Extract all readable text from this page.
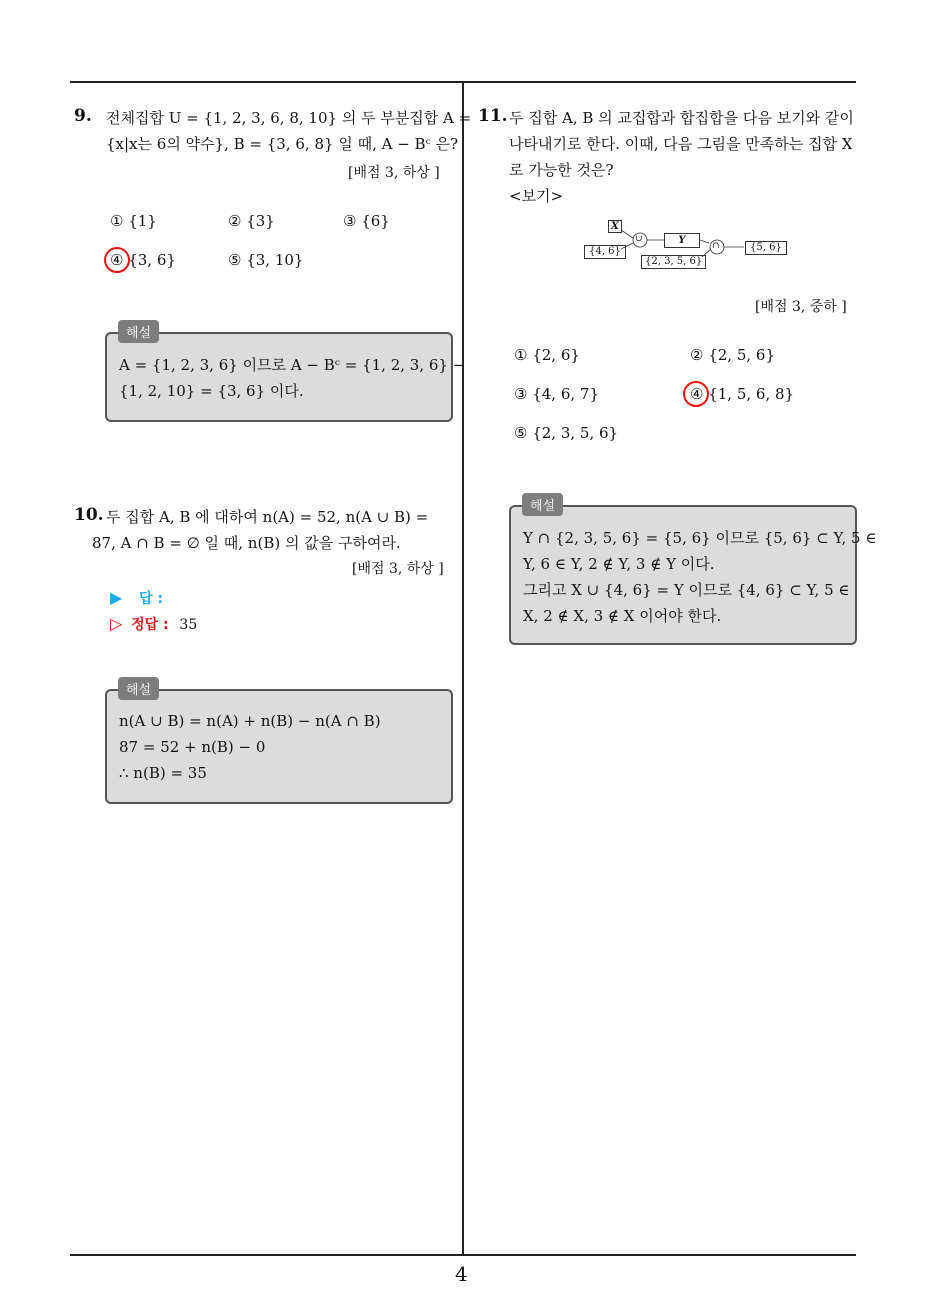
4
9. 전체집합 U = {1, 2, 3, 6, 8, 10} 의 두 부분집합 A =
{x|x는 6의 약수}, B = {3, 6, 8} 일 때, A − Bᶜ 은?
[배점 3, 하상 ]
① {1}	② {3}	③ {6}
④ {3, 6}	⑤ {3, 10}
A = {1, 2, 3, 6} 이므로 A − Bᶜ = {1, 2, 3, 6} −
{1, 2, 10} = {3, 6} 이다.
해설
10. 두 집합 A, B 에 대하여 n(A) = 52, n(A ∪ B) =
87, A ∩ B = ∅ 일 때, n(B) 의 값을 구하여라.
[배점 3, 하상 ]
▶ 답 :
▷ 정답 : 35
n(A ∪ B) = n(A) + n(B) − n(A ∩ B)
87 = 52 + n(B) − 0
∴ n(B) = 35
해설
11. 두 집합 A, B 의 교집합과 합집합을 다음 보기와 같이
나타내기로 한다. 이때, 다음 그림을 만족하는 집합 X
로 가능한 것은?
<보기>
∪
∩
X
{4, 6}
Y
{2, 3, 5, 6}
{5, 6}
[배점 3, 중하 ]
① {2, 6}	② {2, 5, 6}
③ {4, 6, 7}	④ {1, 5, 6, 8}
⑤ {2, 3, 5, 6}
Y ∩ {2, 3, 5, 6} = {5, 6} 이므로 {5, 6} ⊂ Y, 5 ∈
Y, 6 ∈ Y, 2 ∉ Y, 3 ∉ Y 이다.
그리고 X ∪ {4, 6} = Y 이므로 {4, 6} ⊂ Y, 5 ∈
X, 2 ∉ X, 3 ∉ X 이어야 한다.
해설
